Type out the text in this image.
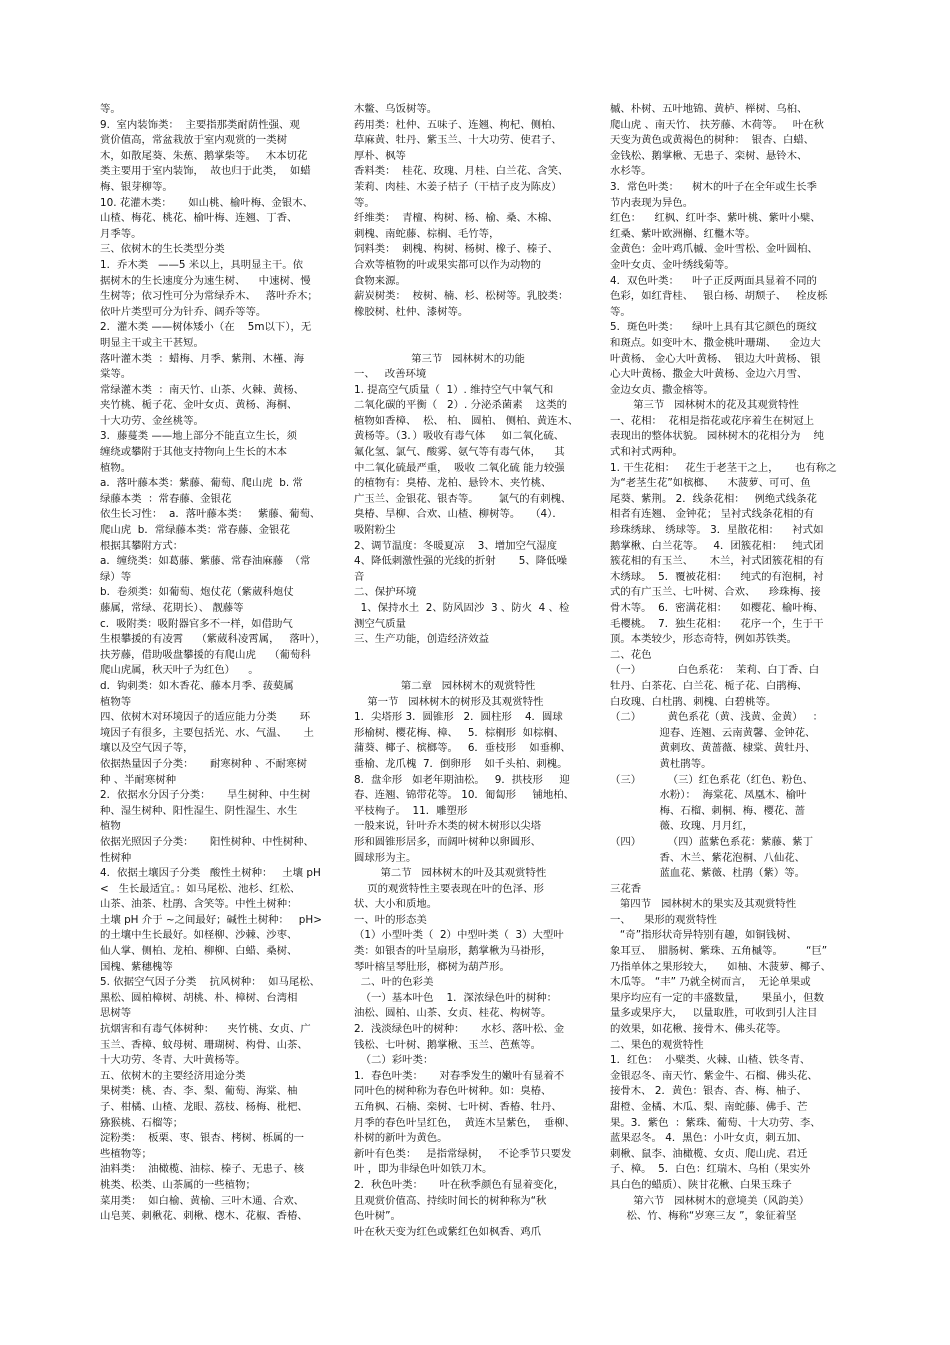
等。

9.  室内装饰类：  主要指那类耐荫性强、观

赏价值高，常盆栽放于室内观赏的一类树

木，如散尾葵、朱蕉、鹅掌柴等。   木本切花

类主要用于室内装饰，  故也归于此类，  如蜡

梅、银芽柳等。

10. 花灌木类：     如山桃、榆叶梅、金银木、

山楂、梅花、桃花、榆叶梅、连翘、丁香、

月季等。

三、依树木的生长类型分类

1．乔木类   ——5 米以上，具明显主干。依

据树木的生长速度分为速生树、    中速树、慢

生树等；依习性可分为常绿乔木、   落叶乔木；

依叶片类型可分为针乔、阔乔等等。

2．灌木类 ——树体矮小（在    5m以下），无

明显主干或主干甚短。

落叶灌木类  ：蜡梅、月季、紫荆、木槿、海

棠等。

常绿灌木类  ：南天竹、山茶、火棘、黄杨、

夹竹桃、栀子花、金叶女贞、黄杨、海桐、

十大功劳、金丝桃等。

3．藤蔓类 ——地上部分不能直立生长，须

缠绕或攀附于其他支持物向上生长的木本

植物。

a．落叶藤本类：紫藤、葡萄、爬山虎  b. 常

绿藤本类  ：常春藤、金银花

依生长习性：  a．落叶藤本类：   紫藤、葡萄、

爬山虎  b．常绿藤本类：常春藤、金银花

根据其攀附方式：

a．缠绕类：如葛藤、紫藤、常春油麻藤  （常

绿）等

b．卷须类：如葡萄、炮仗花（紫葳科炮仗

藤属，常绿、花期长）、 靓藤等

c．吸附类：吸附器官多不一样，如借助气

生根攀援的有凌霄    （紫葳科凌霄属，   落叶），

扶芳藤，借助吸盘攀援的有爬山虎    （葡萄科

爬山虎属，秋天叶子为红色）    。

d．钩刺类：如木香花、藤本月季、菝葜属

植物等

四、依树木对环境因子的适应能力分类       环

境因子有很多，主要包括光、水、气温、     土

壤以及空气因子等，

依据热量因子分类：     耐寒树种 、不耐寒树

种 、半耐寒树种

2．依据水分因子分类：     旱生树种、中生树

种、湿生树种、阳性湿生、阴性湿生、水生

植物

依据光照因子分类：     阳性树种、中性树种、

性树种

4．依据土壤因子分类   酸性土树种：   土壤 pH

<   生长最适宜。：如马尾松、池杉、红松、

山茶、油茶、杜鹃、含笑等。中性土树种：

土壤 pH 介于 ~之间最好；碱性土树种：   pH>

的土壤中生长最好。如柽柳、沙棘、沙枣、

仙人掌、侧柏、龙柏、柳柳、白蜡、桑树、

国槐、紫穗槐等

5. 依据空气因子分类    抗风树种：  如马尾松、

黑松、圆柏樟树、胡桃、朴、樟树、台湾相

思树等

抗烟害和有毒气体树种：    夹竹桃、女贞、广

玉兰、香樟、蚊母树、珊瑚树、构骨、山茶、

十大功劳、冬青、大叶黄杨等。

五、依树木的主要经济用途分类

果树类：桃、杏、李、梨、葡萄、海棠、柚

子、柑橘、山楂、龙眼、荔枝、杨梅、枇杷、

猕猴桃、石榴等；

淀粉类：  板栗、枣、银杏、栲树、栎属的一

些植物等；

油料类：  油橄榄、油棕、榛子、无患子、核

桃类、松类、山茶属的一些植物；

菜用类：  如白榆、黄榆、三叶木通、合欢、

山皂荚、刺楸花、刺楸、楤木、花椒、香椿、

木鳖、乌饭树等。

药用类：杜仲、五味子、连翘、枸杞、侧柏、

草麻黄、牡丹、紫玉兰、十大功劳、使君子、

厚朴、枫等

香料类：  桂花、玫瑰、月桂、白兰花、含笑、

茉莉、肉桂、木姜子桔子（干桔子皮为陈皮）

等。

纤维类：  青檀、构树、杨、榆、桑、木棉、

刺槐、南蛇藤、棕榈、毛竹等，

饲料类：  刺槐、构树、杨树、橡子、榛子、

合欢等植物的叶或果实都可以作为动物的

食物来源。

薪炭树类：  桉树、楠、杉、松树等。乳胶类：

橡胶树、杜仲、漆树等。

第三节   园林树木的功能

一、   改善环境

1. 提高空气质量（  1）. 维持空气中氧气和

二氧化碳的平衡（   2）. 分泌杀菌素    这类的

植物如香樟、  松、 柏、 圆柏、 侧柏、黄连木、

黄杨等。（3．）吸收有毒气体     如二氧化硫、

氟化氢、氯气、酸雾、氨气等有毒气体，    其

中二氧化硫最严重，  吸收 二氧化硫 能力较强

的植物有：臭椿、龙柏、悬铃木、夹竹桃、

广玉兰、金银花、银杏等。      氯气的有刺槐、

臭椿、旱柳、合欢、山楂、柳树等。   （4）．

吸附粉尘

2、调节温度：冬暖夏凉    3、增加空气湿度

4、降低刺激性强的光线的折射       5、降低噪

音

二、保护环境

1、保持水土  2、防风固沙  3 、防火  4 、检

测空气质量

三、生产功能，创造经济效益

第二章   园林树木的观赏特性

第一节   园林树木的树形及其观赏特性

1．尖塔形 3．圆锥形   2．圆柱形    4．圆球

形榆树、樱花梅、樟、   5．棕榈形  如棕榈、

蒲葵、椰子、槟榔等。   6．垂枝形    如垂柳、

垂榆、龙爪槐  7．倒卵形    如千头柏、刺槐。

8．盘伞形   如老年期油松。   9．拱枝形     迎

春、连翘、锦带花等。 10．匍匐形     铺地柏、

平枝栒子。  11．雕塑形

一般来说，针叶乔木类的树木树形以尖塔

形和圆锥形居多，而阔叶树种以卵圆形、

圆球形为主。

第二节   园林树木的叶及其观赏特性

页的观赏特性主要表现在叶的色泽、形

状、大小和质地。

一、叶的形态美

（1）小型叶类（  2）中型叶类（  3）大型叶

类：如银杏的叶呈扇形，鹅掌楸为马褂形，

琴叶榕呈琴肚形，榔树为葫芦形。

二、叶的色彩美

（一）基本叶色    1．深浓绿色叶的树种：

油松、圆柏、山茶、女贞、桂花、构树等。

2．浅淡绿色叶的树种：     水杉、落叶松、金

钱松、七叶树、鹅掌楸、玉兰、芭蕉等。

（二）彩叶类：

1．春色叶类：     对春季发生的嫩叶有显着不

同叶色的树种称为春色叶树种。如：臭椿、

五角枫、石楠、栾树、七叶树、香椿、牡丹、

月季的春色叶呈红色，  黄连木呈紫色，  垂柳、

朴树的新叶为黄色。

新叶有色类：   是指常绿树，   不论季节只要发

叶 ，即为非绿色叶如铁刀木。

2．秋色叶类：     叶在秋季颜色有显着变化，

且观赏价值高、持续时间长的树种称为“秋

色叶树”。

叶在秋天变为红色或紫红色如枫香、鸡爪

槭、朴树、五叶地锦、黄栌、榉树、乌桕、

爬山虎 、南天竹、 扶芳藤、木荷等。   叶在秋

天变为黄色或黄褐色的树种：  银杏、白蜡、

金钱松、鹅掌楸、无患子、栾树、悬铃木、

水杉等。

3．常色叶类：    树木的叶子在全年或生长季

节内表现为异色。

红色：    红枫、红叶李、紫叶桃、紫叶小檗、

红桑、紫叶欧洲槲、红檵木等。

金黄色：金叶鸡爪槭、金叶雪松、金叶圆柏、

金叶女贞、金叶绣线菊等。

4．双色叶类：    叶子正反两面具显着不同的

色彩，如红背桂、   银白杨、胡颓子、   栓皮栎

等。

5．斑色叶类：    绿叶上具有其它颜色的斑纹

和斑点。如变叶木、撒金桃叶珊瑚、    金边大

叶黄杨、 金心大叶黄杨、  银边大叶黄杨、 银

心大叶黄杨、撒金大叶黄杨、金边六月雪、

金边女贞、撒金榕等。

第三节   园林树木的花及其观赏特性

一、花相：  花相是指花或花序着生在树冠上

表现出的整体状貌。 园林树木的花相分为    纯

式和衬式两种。

1. 干生花相：   花生于老茎干之上，     也有称之

为“老茎生花”如槟榔、    木菠萝、可可、鱼

尾葵、紫荆。 2．线条花相：   例绝式线条花

相者有连翘、 金钟花； 呈衬式线条花相的有

珍珠绣球、 绣球等。 3．星散花相：    衬式如

鹅掌楸、白兰花等。   4．团簇花相：   纯式团

簇花相的有玉兰、     木兰，衬式团簇花相的有

木绣球。  5．覆被花相：    纯式的有泡桐，衬

式的有广玉兰、七叶树、合欢、    珍珠梅、接

骨木等。  6．密满花相：    如樱花、榆叶梅、

毛樱桃。  7．独生花相：    花序一个，生于干

顶。本类较少，形态奇特，例如苏铁类。

二、花色

（一）           白色系花：  茉莉、白丁香、白

牡丹、白茶花、白兰花、栀子花、白鹃梅、

白玫瑰、白杜鹃、刺槐、白碧桃等。

（二）        黄色系花（黄、浅黄、金黄）   ：

迎春、连翘、云南黄馨、金钟花、

黄刺玫、黄蔷薇、棣棠、黄牡丹、

黄杜鹃等。

（三）        （三）红色系花（红色、粉色、

水粉）：  海棠花、凤凰木、榆叶

梅、石榴、刺桐、梅、樱花、蔷

薇、玫瑰、月月红，

（四）        （四）蓝紫色系花：紫藤、紫丁

香、木兰、紫花泡桐、八仙花、

蓝血花、紫薇、杜鹃（紫）等。

三花香

第四节   园林树木的果实及其观赏特性

一、    果形的观赏特性

“奇”指形状奇异特别有趣，如铜钱树、

象耳豆、  腊肠树、紫珠、五角槭等。       “巨”

乃指单体之果形较大，    如柚、木菠萝、椰子、

木瓜等。 “丰” 乃就全树而言，  无论单果或

果序均应有一定的丰盛数量，     果虽小，但数

量多或果序大，   以量取胜，可收到引人注目

的效果，如花楸、接骨木、佛头花等。

二、果色的观赏特性

1．红色：  小檗类、火棘、山楂、铁冬青、

金银忍冬、南天竹、紫金牛、石榴、佛头花、

接骨木、 2．黄色：银杏、杏、梅、柚子、

甜橙、金橘、木瓜、梨、南蛇藤、佛手、芒

果。3．紫色  ：紫珠、葡萄、十大功劳、李、

蓝果忍冬。 4．黑色：小叶女贞，刺五加、

刺楸、鼠李、油橄榄、女贞、爬山虎、君迁

子、樟。  5．白色：红瑞木、乌桕（果实外

具白色的蜡质）、陕甘花楸、白果玉珠子

第六节   园林树木的意境美（风韵美）

松、竹、梅称“岁寒三友 ”，象征着坚
